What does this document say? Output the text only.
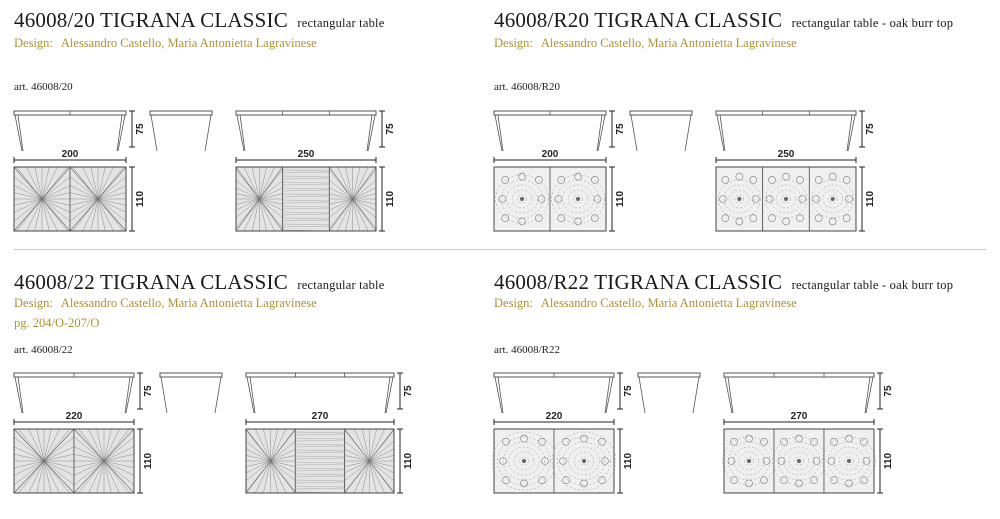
46008/20 TIGRANA CLASSIC rectangular table
Design: Alessandro Castello, Maria Antonietta Lagravinese
art. 46008/20
46008/R20 TIGRANA CLASSIC rectangular table - oak burr top
Design: Alessandro Castello, Maria Antonietta Lagravinese
art. 46008/R20
46008/22 TIGRANA CLASSIC rectangular table
Design: Alessandro Castello, Maria Antonietta Lagravinese
pg. 204/O-207/O
art. 46008/22
46008/R22 TIGRANA CLASSIC rectangular table - oak burr top
Design: Alessandro Castello, Maria Antonietta Lagravinese
art. 46008/R22
75	75
200	250
110	110
75	75
200	250
110	110
75	75
220	270
110	110
75	75
220	270
110	110
